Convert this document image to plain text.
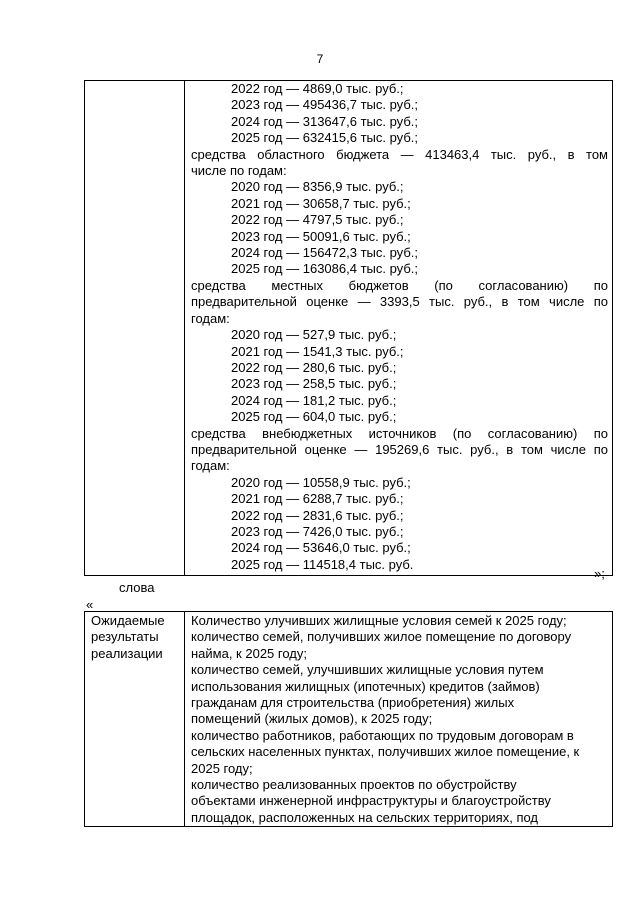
7

2022 год — 4869,0 тыс. руб.;
2023 год — 495436,7 тыс. руб.;
2024 год — 313647,6 тыс. руб.;
2025 год — 632415,6 тыс. руб.;
средства областного бюджета — 413463,4 тыс. руб., в том
числе по годам:
2020 год — 8356,9 тыс. руб.;
2021 год — 30658,7 тыс. руб.;
2022 год — 4797,5 тыс. руб.;
2023 год — 50091,6 тыс. руб.;
2024 год — 156472,3 тыс. руб.;
2025 год — 163086,4 тыс. руб.;
средства местных бюджетов (по согласованию) по
предварительной оценке — 3393,5 тыс. руб., в том числе по
годам:
2020 год — 527,9 тыс. руб.;
2021 год — 1541,3 тыс. руб.;
2022 год — 280,6 тыс. руб.;
2023 год — 258,5 тыс. руб.;
2024 год — 181,2 тыс. руб.;
2025 год — 604,0 тыс. руб.;
средства внебюджетных источников (по согласованию) по
предварительной оценке — 195269,6 тыс. руб., в том числе по
годам:
2020 год — 10558,9 тыс. руб.;
2021 год — 6288,7 тыс. руб.;
2022 год — 2831,6 тыс. руб.;
2023 год — 7426,0 тыс. руб.;
2024 год — 53646,0 тыс. руб.;
2025 год — 114518,4 тыс. руб.
»;
слова
«
Ожидаемые
результаты
реализации

Количество улучивших жилищные условия семей к 2025 году;
количество семей, получивших жилое помещение по договору
найма, к 2025 году;
количество семей, улучшивших жилищные условия путем
использования жилищных (ипотечных) кредитов (займов)
гражданам для строительства (приобретения) жилых
помещений (жилых домов), к 2025 году;
количество работников, работающих по трудовым договорам в
сельских населенных пунктах, получивших жилое помещение, к
2025 году;
количество реализованных проектов по обустройству
объектами инженерной инфраструктуры и благоустройству
площадок, расположенных на сельских территориях, под
